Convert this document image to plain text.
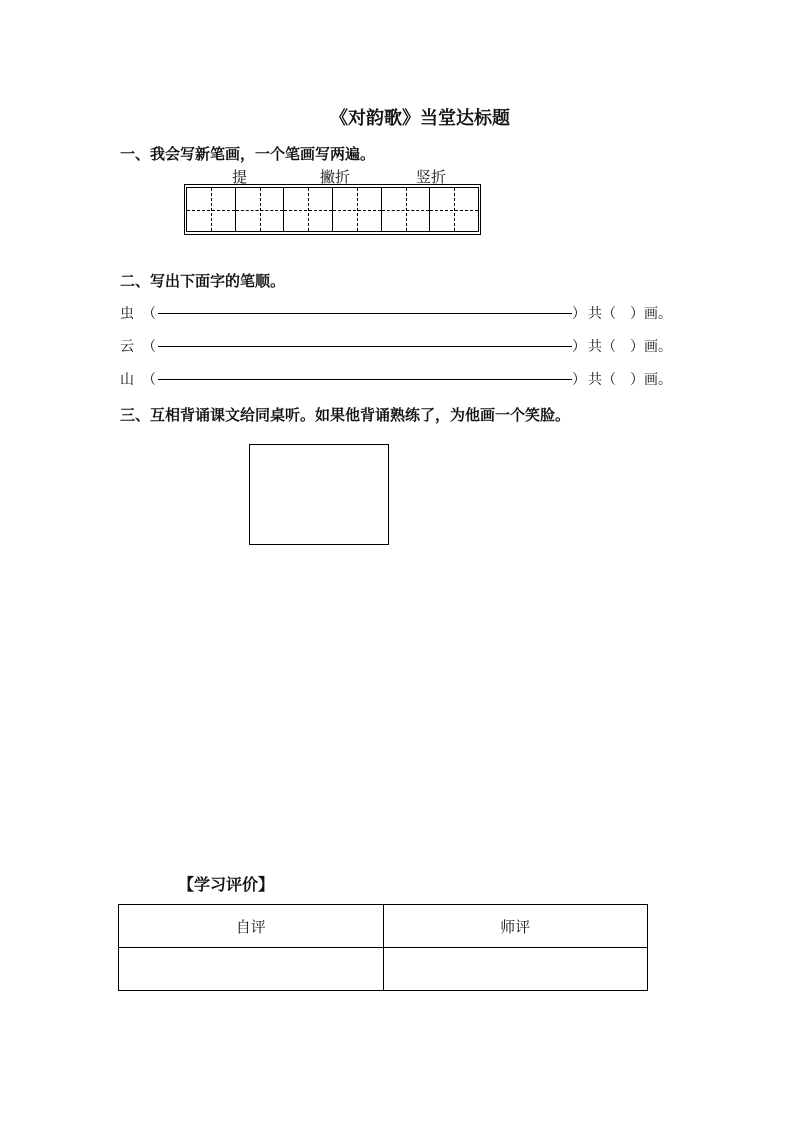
《对韵歌》当堂达标题
一、我会写新笔画，一个笔画写两遍。
提	撇折	竖折
二、写出下面字的笔顺。
虫 （	） 共（　）画。
云 （	） 共（　）画。
山 （	） 共（　）画。
三、互相背诵课文给同桌听。如果他背诵熟练了，为他画一个笑脸。
【学习评价】
自评	师评
